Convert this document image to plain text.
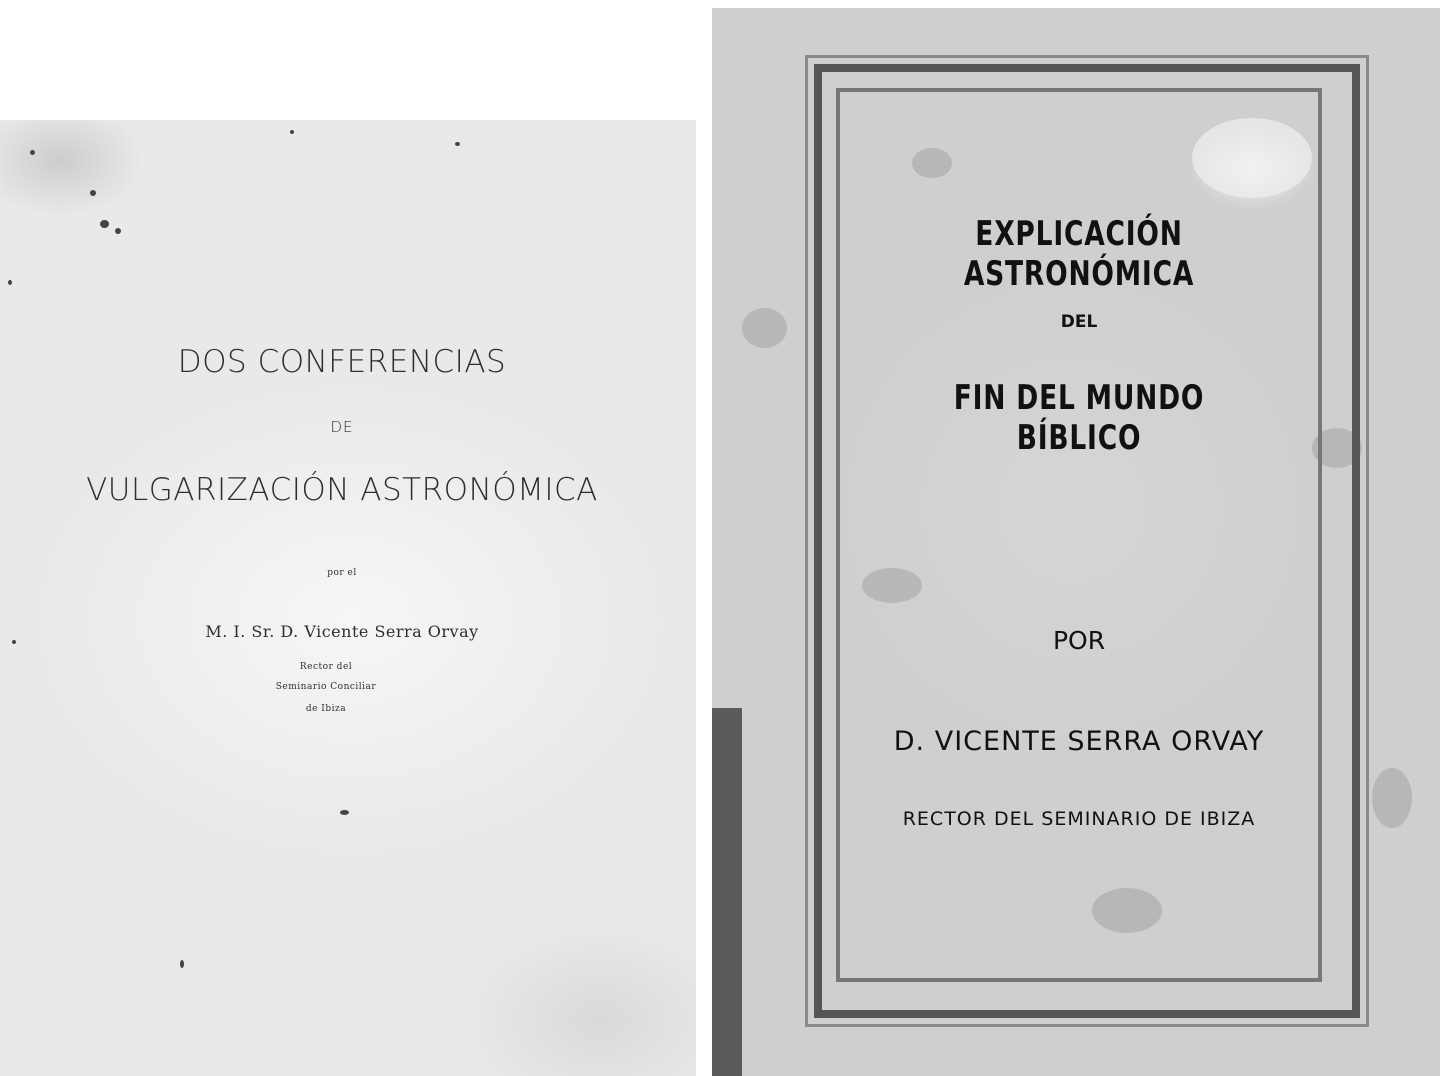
DOS CONFERENCIAS
DE
VULGARIZACIÓN ASTRONÓMICA
por el
M. I. Sr. D. Vicente Serra Orvay
Rector del
Seminario Conciliar
de Ibiza
EXPLICACIÓN ASTRONÓMICA
DEL
FIN DEL MUNDO BÍBLICO
POR
D. VICENTE SERRA ORVAY
RECTOR DEL SEMINARIO DE IBIZA
